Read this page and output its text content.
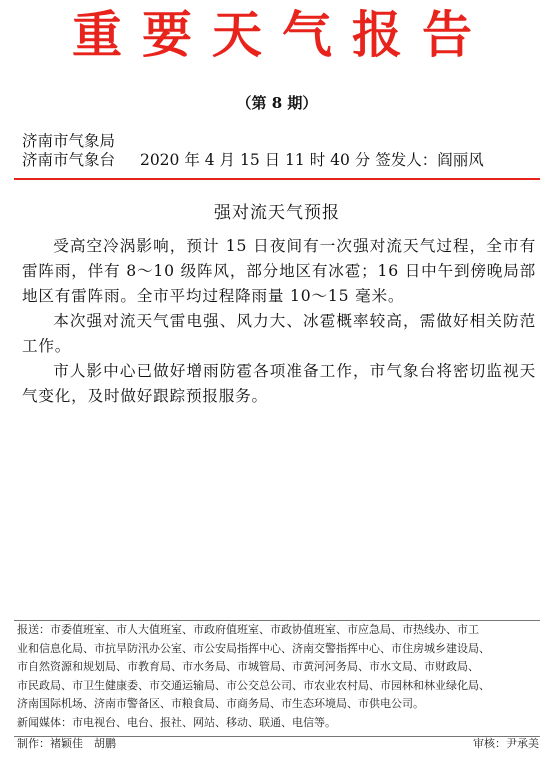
重要天气报告
（第 8 期）
济南市气象局
济南市气象台 2020 年 4 月 15 日 11 时 40 分 签发人：阎丽风
强对流天气预报

受高空冷涡影响，预计 15 日夜间有一次强对流天气过程，全市有雷阵雨，伴有 8～10 级阵风，部分地区有冰雹；16 日中午到傍晚局部地区有雷阵雨。全市平均过程降雨量 10～15 毫米。

本次强对流天气雷电强、风力大、冰雹概率较高，需做好相关防范工作。

市人影中心已做好增雨防雹各项准备工作，市气象台将密切监视天气变化，及时做好跟踪预报服务。

报送：市委值班室、市人大值班室、市政府值班室、市政协值班室、市应急局、市热线办、市工
业和信息化局、市抗旱防汛办公室、市公安局指挥中心、济南交警指挥中心、市住房城乡建设局、
市自然资源和规划局、市教育局、市水务局、市城管局、市黄河河务局、市水文局、市财政局、
市民政局、市卫生健康委、市交通运输局、市公交总公司、市农业农村局、市园林和林业绿化局、
济南国际机场、济南市警备区、市粮食局、市商务局、市生态环境局、市供电公司。
新闻媒体：市电视台、电台、报社、网站、移动、联通、电信等。
制作：褚颖佳　胡鹏	审核：尹承美
